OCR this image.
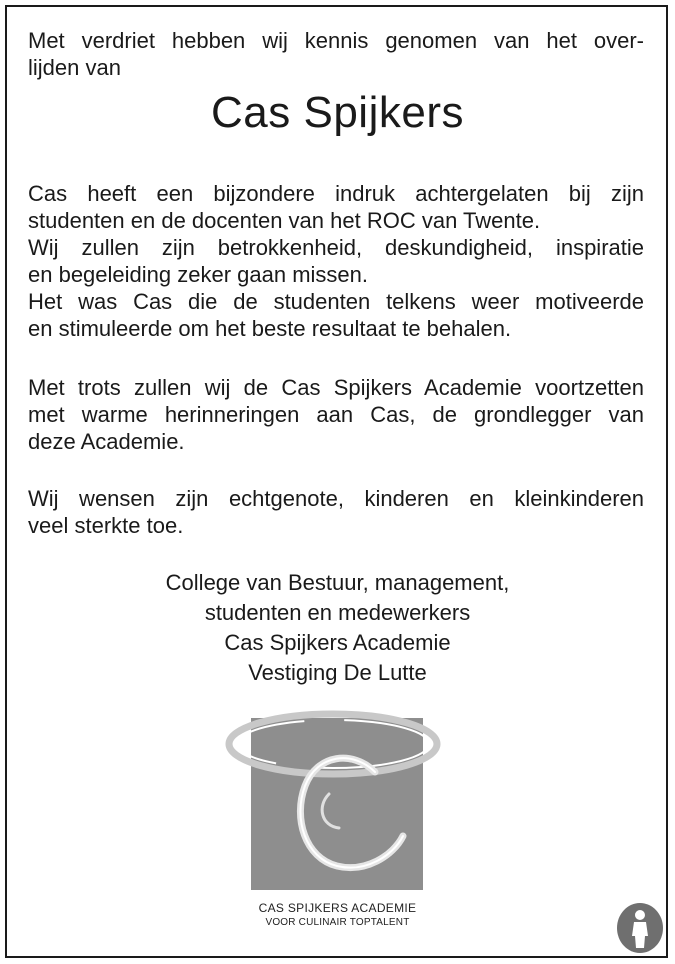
Met verdriet hebben wij kennis genomen van het over-
lijden van

Cas Spijkers

Cas heeft een bijzondere indruk achtergelaten bij zijn
studenten en de docenten van het ROC van Twente.
Wij zullen zijn betrokkenheid, deskundigheid, inspiratie
en begeleiding zeker gaan missen.
Het was Cas die de studenten telkens weer motiveerde
en stimuleerde om het beste resultaat te behalen.

Met trots zullen wij de Cas Spijkers Academie voortzetten
met warme herinneringen aan Cas, de grondlegger van
deze Academie.

Wij wensen zijn echtgenote, kinderen en kleinkinderen
veel sterkte toe.

College van Bestuur, management,
studenten en medewerkers
Cas Spijkers Academie
Vestiging De Lutte
CAS SPIJKERS ACADEMIE
VOOR CULINAIR TOPTALENT
